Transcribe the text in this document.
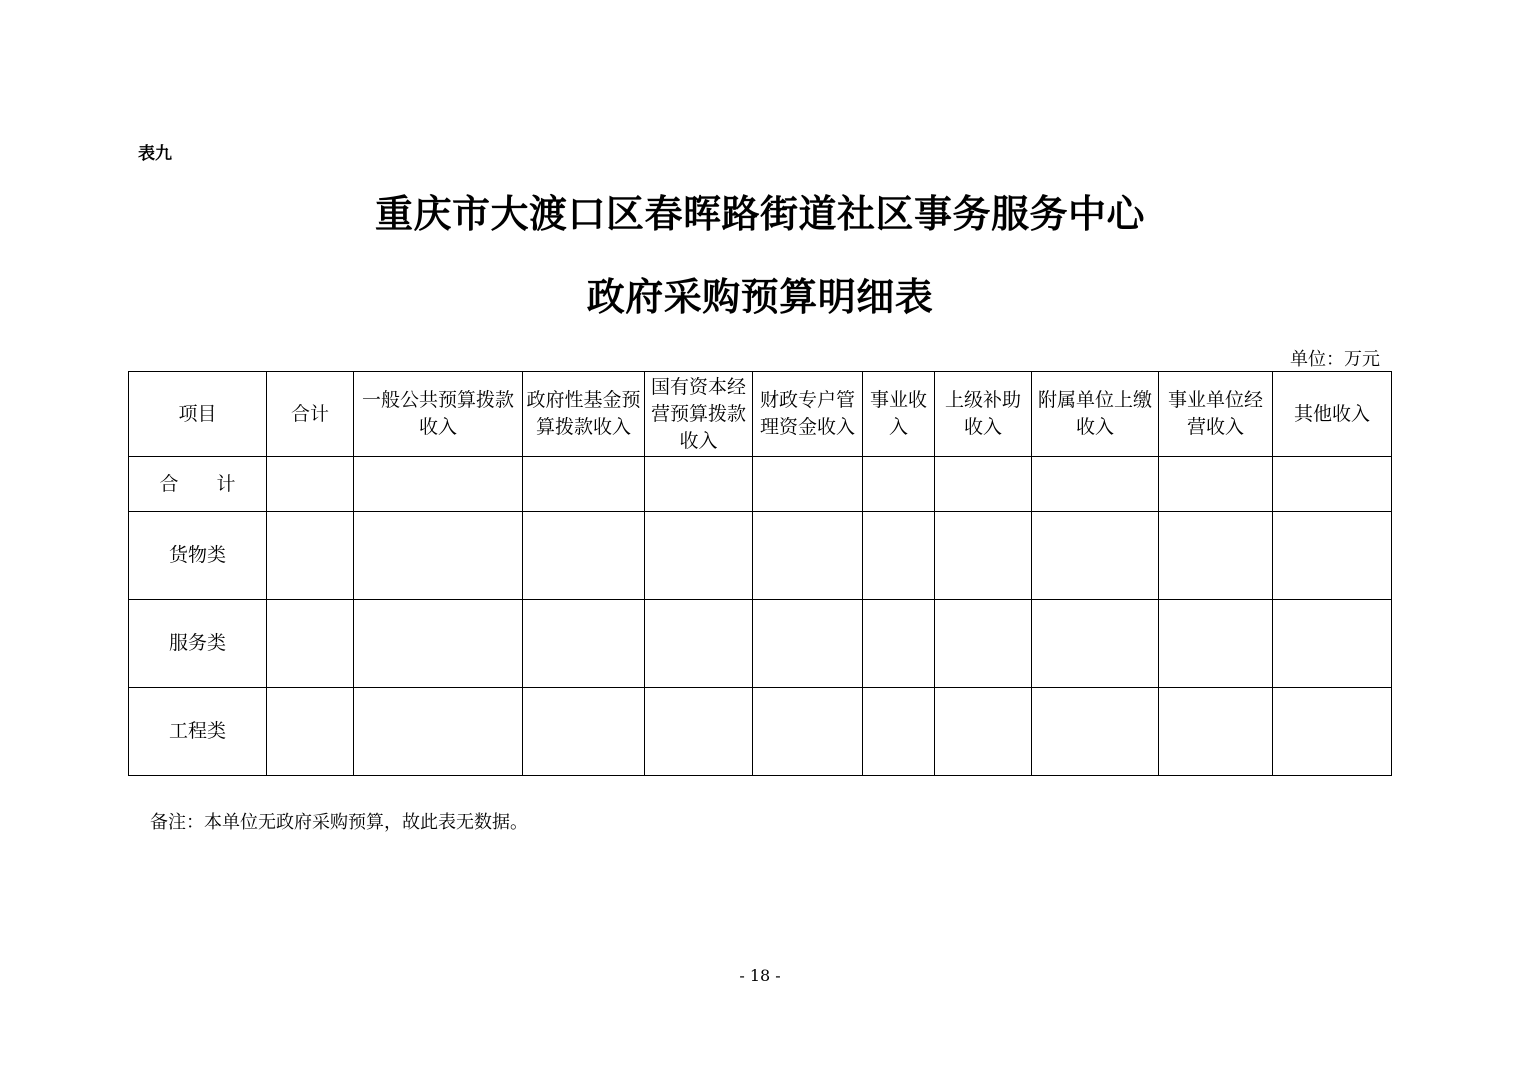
表九
重庆市大渡口区春晖路街道社区事务服务中心
政府采购预算明细表
单位：万元
项目	合计	一般公共预算拨款收入	政府性基金预算拨款收入	国有资本经营预算拨款收入	财政专户管理资金收入	事业收入	上级补助收入	附属单位上缴收入	事业单位经营收入	其他收入
合　　计										
货物类										
服务类										
工程类										
备注：本单位无政府采购预算，故此表无数据。
- 18 -
